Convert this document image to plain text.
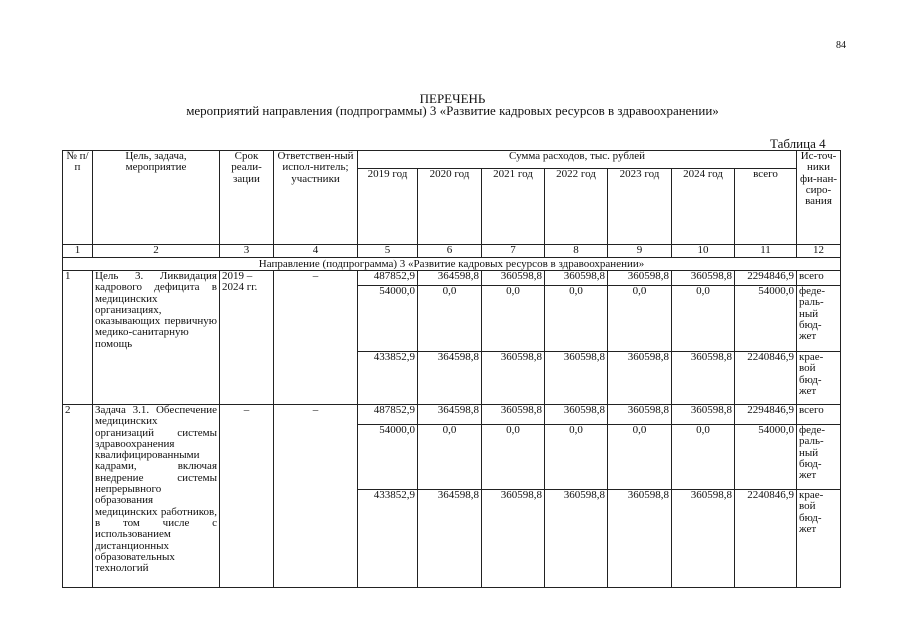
84
ПЕРЕЧЕНЬ
мероприятий направления (подпрограммы) 3 «Развитие кадровых ресурсов в здравоохранении»
Таблица 4
№ п/п	Цель, задача, мероприятие	Срок реали-зации	Ответствен-ный испол-нитель; участники	Сумма расходов, тыс. рублей							Ис-точ-ники фи-нан-сиро-вания
				2019 год	2020 год	2021 год	2022 год	2023 год	2024 год	всего	
1	2	3	4	5	6	7	8	9	10	11	12
Направление (подпрограмма) 3 «Развитие кадровых ресурсов в здравоохранении»											
1	Цель 3. Ликвидация кадрового дефицита в медицинских организациях, оказывающих первичную медико-санитарную помощь	2019 – 2024 гг.	–	487852,9	364598,8	360598,8	360598,8	360598,8	360598,8	2294846,9	всего
				54000,0	0,0	0,0	0,0	0,0	0,0	54000,0	феде-раль-ный бюд-жет
				433852,9	364598,8	360598,8	360598,8	360598,8	360598,8	2240846,9	крае-вой бюд-жет
2	Задача 3.1. Обеспечение медицинских организаций системы здравоохранения квалифицированными кадрами, включая внедрение системы непрерывного образования медицинских работников, в том числе с использованием дистанционных образовательных технологий	–	–	487852,9	364598,8	360598,8	360598,8	360598,8	360598,8	2294846,9	всего
				54000,0	0,0	0,0	0,0	0,0	0,0	54000,0	феде-раль-ный бюд-жет
				433852,9	364598,8	360598,8	360598,8	360598,8	360598,8	2240846,9	крае-вой бюд-жет
